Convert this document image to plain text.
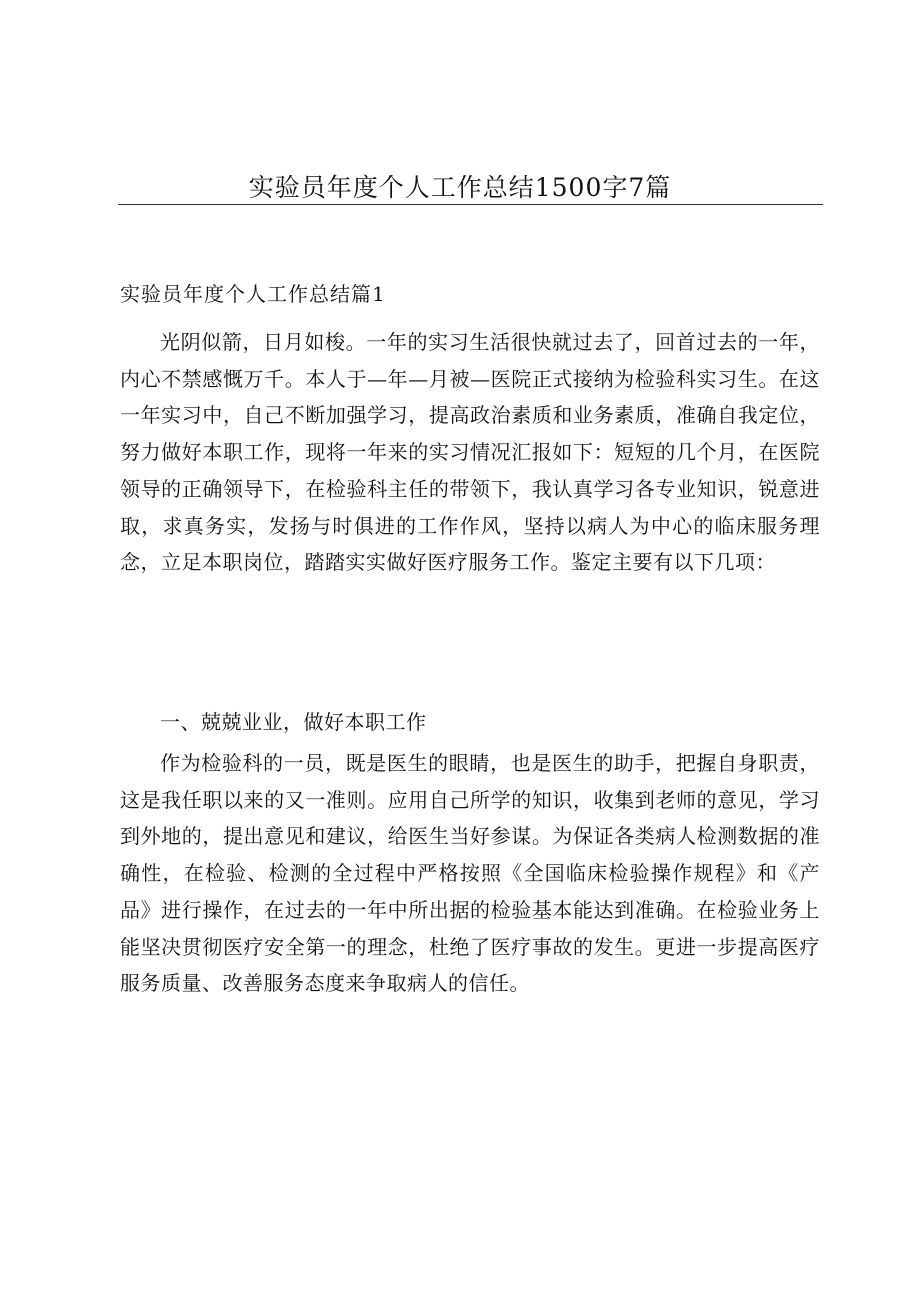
实验员年度个人工作总结1500字7篇
实验员年度个人工作总结篇1
光阴似箭，日月如梭。一年的实习生活很快就过去了，回首过去的一年，内心不禁感慨万千。本人于—年—月被—医院正式接纳为检验科实习生。在这一年实习中，自己不断加强学习，提高政治素质和业务素质，准确自我定位，努力做好本职工作，现将一年来的实习情况汇报如下：短短的几个月，在医院领导的正确领导下，在检验科主任的带领下，我认真学习各专业知识，锐意进取，求真务实，发扬与时俱进的工作作风，坚持以病人为中心的临床服务理念，立足本职岗位，踏踏实实做好医疗服务工作。鉴定主要有以下几项：
一、兢兢业业，做好本职工作
作为检验科的一员，既是医生的眼睛，也是医生的助手，把握自身职责，这是我任职以来的又一准则。应用自己所学的知识，收集到老师的意见，学习到外地的，提出意见和建议，给医生当好参谋。为保证各类病人检测数据的准确性，在检验、检测的全过程中严格按照《全国临床检验操作规程》和《产品》进行操作，在过去的一年中所出据的检验基本能达到准确。在检验业务上能坚决贯彻医疗安全第一的理念，杜绝了医疗事故的发生。更进一步提高医疗服务质量、改善服务态度来争取病人的信任。
